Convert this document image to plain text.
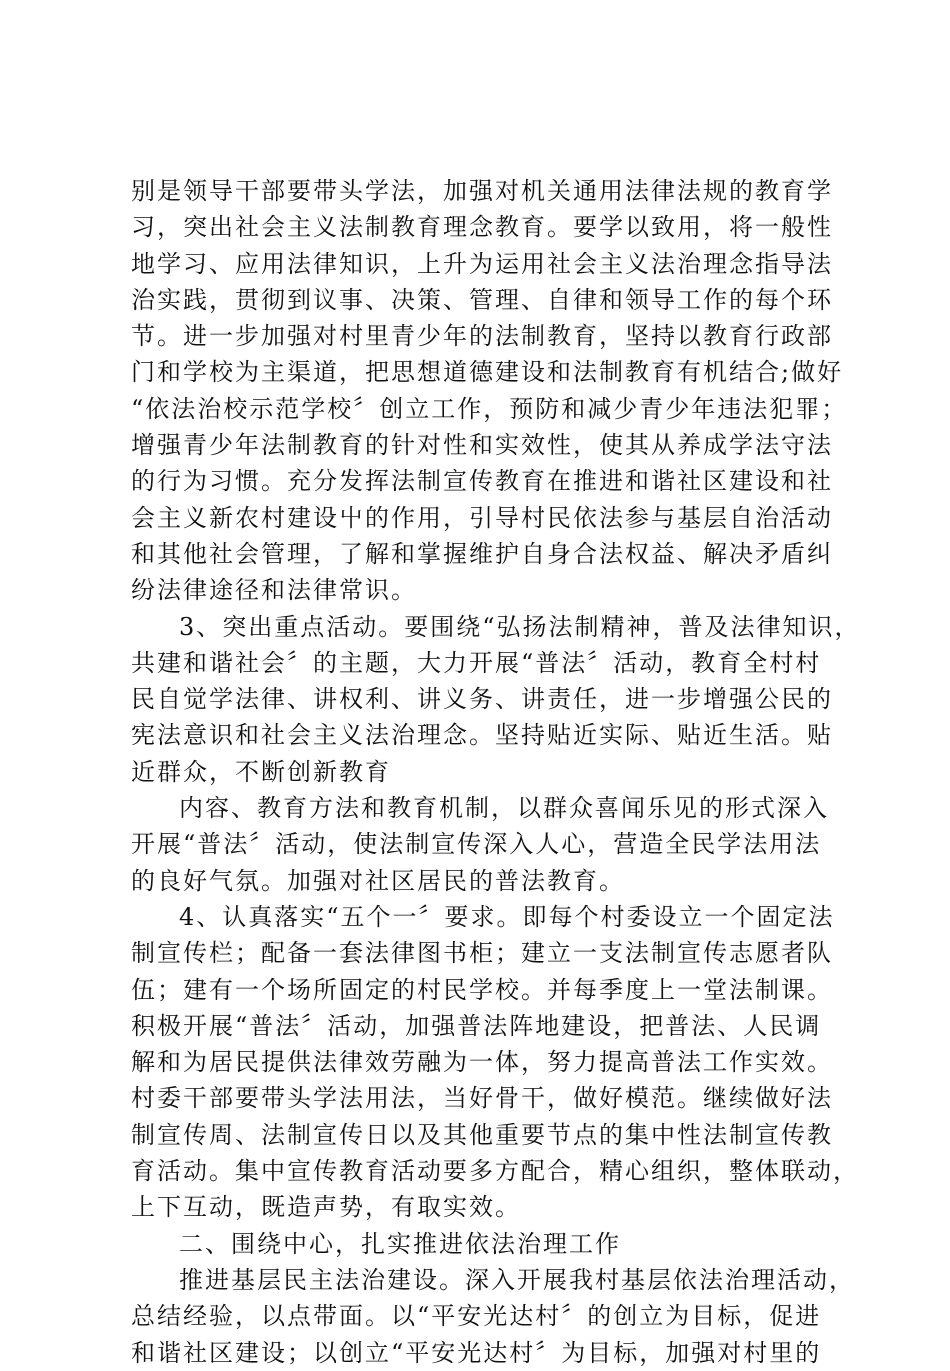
别是领导干部要带头学法，加强对机关通用法律法规的教育学
习，突出社会主义法制教育理念教育。要学以致用，将一般性
地学习、应用法律知识，上升为运用社会主义法治理念指导法
治实践，贯彻到议事、决策、管理、自律和领导工作的每个环
节。进一步加强对村里青少年的法制教育，坚持以教育行政部
门和学校为主渠道，把思想道德建设和法制教育有机结合;做好
“依法治校示范学校〞创立工作，预防和减少青少年违法犯罪；
增强青少年法制教育的针对性和实效性，使其从养成学法守法
的行为习惯。充分发挥法制宣传教育在推进和谐社区建设和社
会主义新农村建设屮的作用，引导村民依法参与基层自治活动
和其他社会管理，了解和掌握维护自身合法权益、解决矛盾纠
纷法律途径和法律常识。
3、突出重点活动。要围绕“弘扬法制精神，普及法律知识，
共建和谐社会〞的主题，大力开展“普法〞活动，教育全村村
民自觉学法律、讲权利、讲义务、讲责任，进一步增强公民的
宪法意识和社会主义法治理念。坚持贴近实际、贴近生活。贴
近群众，不断创新教育
内容、教育方法和教育机制，以群众喜闻乐见的形式深入
开展“普法〞活动，使法制宣传深入人心，营造全民学法用法
的良好气氛。加强对社区居民的普法教育。
4、认真落实“五个一〞要求。即每个村委设立一个固定法
制宣传栏；配备一套法律图书柜；建立一支法制宣传志愿者队
伍；建有一个场所固定的村民学校。并每季度上一堂法制课。
积极开展“普法〞活动，加强普法阵地建设，把普法、人民调
解和为居民提供法律效劳融为一体，努力提高普法工作实效。
村委干部要带头学法用法，当好骨干，做好模范。继续做好法
制宣传周、法制宣传日以及其他重要节点的集中性法制宣传教
育活动。集中宣传教育活动要多方配合，精心组织，整体联动，
上下互动，既造声势，有取实效。
二、围绕中心，扎实推进依法治理工作
推进基层民主法治建设。深入开展我村基层依法治理活动，
总结经验，以点带面。以“平安光达村〞的创立为目标，促进
和谐社区建设；以创立“平安光达村〞为目标，加强对村里的
